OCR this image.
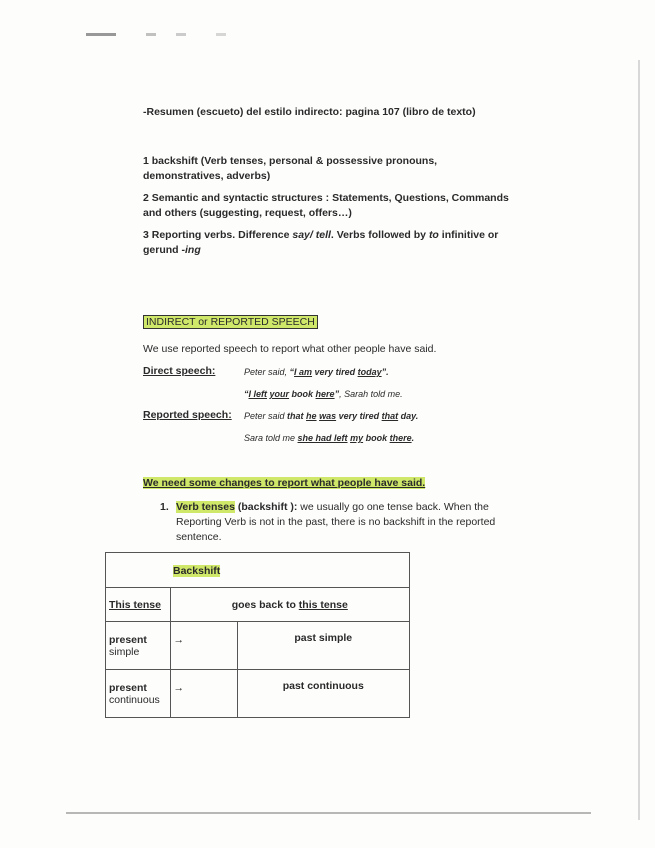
-Resumen (escueto) del estilo indirecto: pagina 107 (libro de texto)
1 backshift (Verb tenses, personal & possessive pronouns,
demonstratives, adverbs)
2 Semantic and syntactic structures : Statements, Questions, Commands
and others (suggesting, request, offers…)
3 Reporting verbs. Difference say/ tell. Verbs followed by to infinitive or
gerund -ing
INDIRECT or REPORTED SPEECH
We use reported speech to report what other people have said.
Direct speech:	Peter said, “I am very tired today”.
“I left your book here”, Sarah told me.
Reported speech: Peter said that he was very tired that day.
Sara told me she had left my book there.
We need some changes to report what people have said.
1. Verb tenses (backshift ): we usually go one tense back. When the
Reporting Verb is not in the past, there is no backshift in the reported
sentence.
	Backshift	
This tense	goes back to this tense	

present
simple	→	past simple

present
continuous	→	past continuous
